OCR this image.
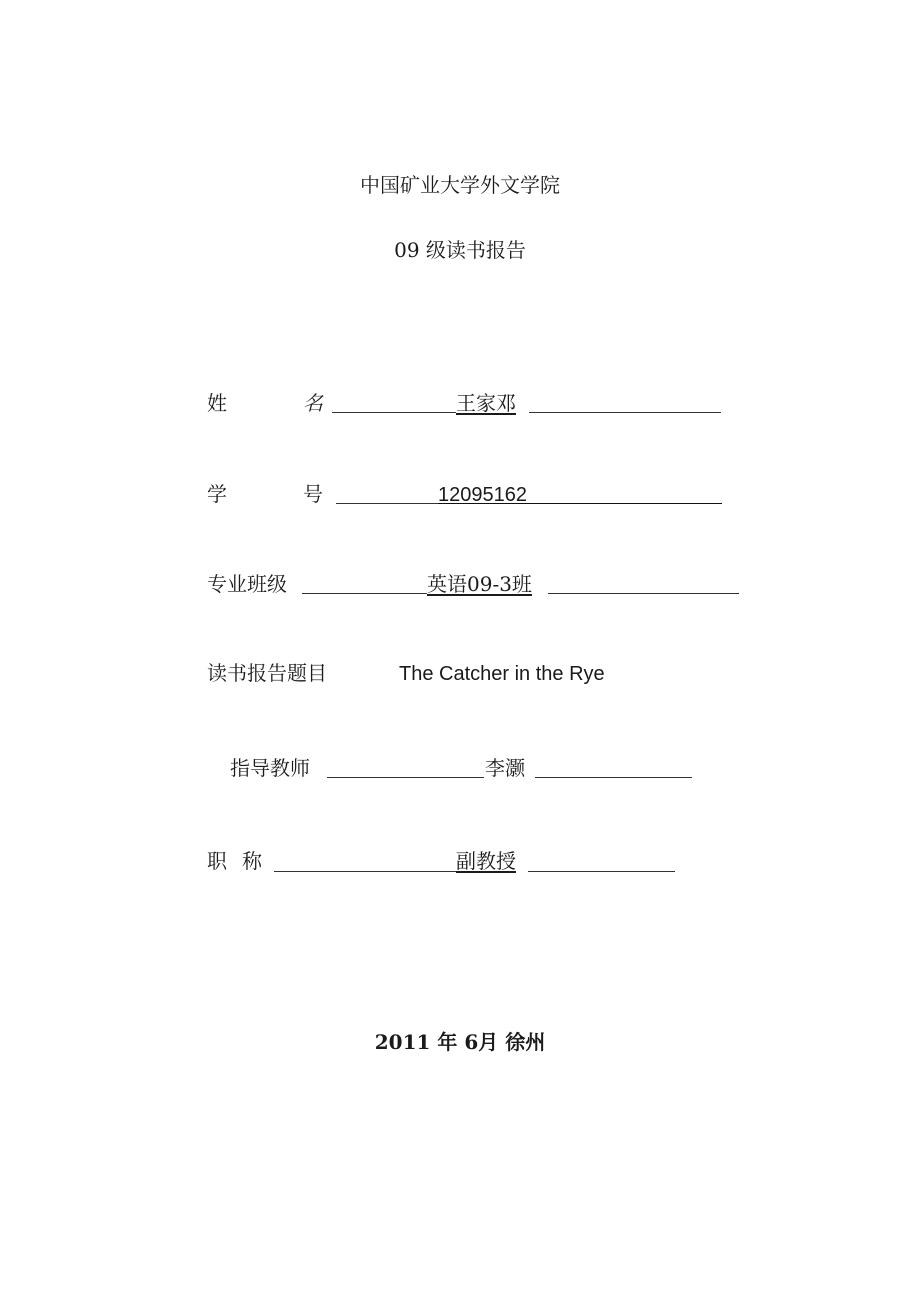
中国矿业大学外文学院
09 级读书报告
姓	名	王家邓
学	号	12095162
专业班级	英语09-3班
读书报告题目	The Catcher in the Rye
指导教师	李灏
职 称	副教授
2011 年 6月 徐州
